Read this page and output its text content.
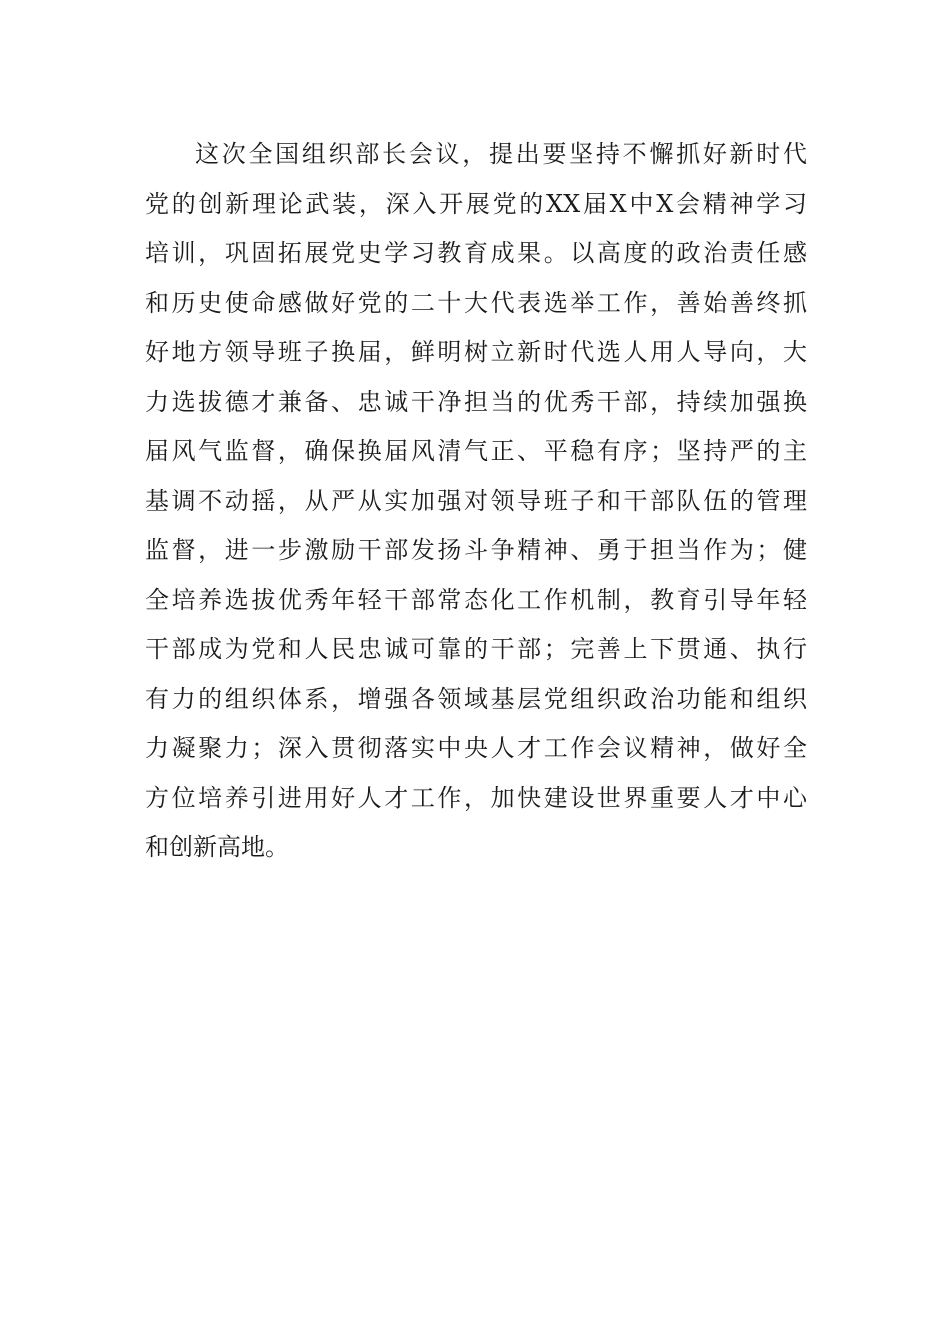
这次全国组织部长会议，提出要坚持不懈抓好新时代
党的创新理论武装，深入开展党的XX届X中X会精神学习
培训，巩固拓展党史学习教育成果。以高度的政治责任感
和历史使命感做好党的二十大代表选举工作，善始善终抓
好地方领导班子换届，鲜明树立新时代选人用人导向，大
力选拔德才兼备、忠诚干净担当的优秀干部，持续加强换
届风气监督，确保换届风清气正、平稳有序；坚持严的主
基调不动摇，从严从实加强对领导班子和干部队伍的管理
监督，进一步激励干部发扬斗争精神、勇于担当作为；健
全培养选拔优秀年轻干部常态化工作机制，教育引导年轻
干部成为党和人民忠诚可靠的干部；完善上下贯通、执行
有力的组织体系，增强各领域基层党组织政治功能和组织
力凝聚力；深入贯彻落实中央人才工作会议精神，做好全
方位培养引进用好人才工作，加快建设世界重要人才中心
和创新高地。
